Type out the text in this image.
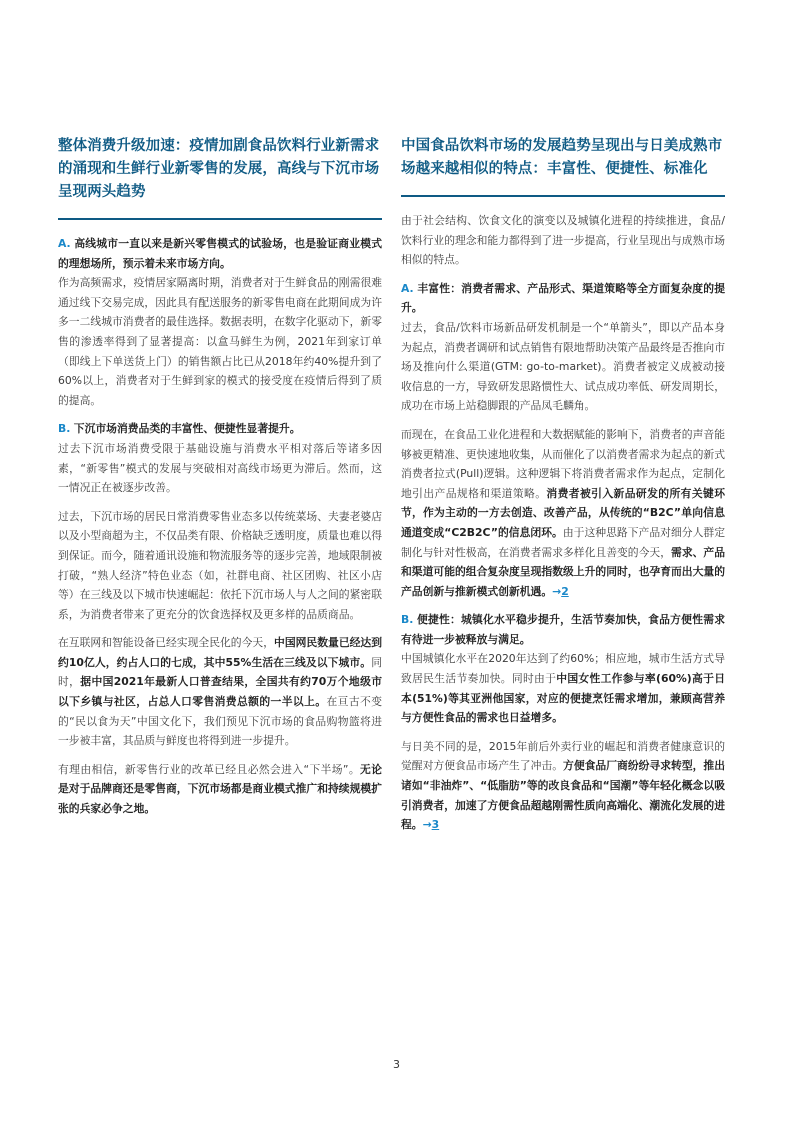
整体消费升级加速：疫情加剧食品饮料行业新需求的涌现和生鲜行业新零售的发展，高线与下沉市场呈现两头趋势

A. 高线城市一直以来是新兴零售模式的试验场，也是验证商业模式的理想场所，预示着未来市场方向。

作为高频需求，疫情居家隔离时期，消费者对于生鲜食品的刚需很难通过线下交易完成，因此具有配送服务的新零售电商在此期间成为许多一二线城市消费者的最佳选择。数据表明，在数字化驱动下，新零售的渗透率得到了显著提高：以盒马鲜生为例，2021年到家订单（即线上下单送货上门）的销售额占比已从2018年约40%提升到了60%以上，消费者对于生鲜到家的模式的接受度在疫情后得到了质的提高。

B. 下沉市场消费品类的丰富性、便捷性显著提升。

过去下沉市场消费受限于基础设施与消费水平相对落后等诸多因素，“新零售”模式的发展与突破相对高线市场更为滞后。然而，这一情况正在被逐步改善。

过去，下沉市场的居民日常消费零售业态多以传统菜场、夫妻老婆店以及小型商超为主，不仅品类有限、价格缺乏透明度，质量也难以得到保证。而今，随着通讯设施和物流服务等的逐步完善，地域限制被打破，“熟人经济”特色业态（如，社群电商、社区团购、社区小店等）在三线及以下城市快速崛起：依托下沉市场人与人之间的紧密联系，为消费者带来了更充分的饮食选择权及更多样的品质商品。

在互联网和智能设备已经实现全民化的今天，中国网民数量已经达到约10亿人，约占人口的七成，其中55%生活在三线及以下城市。同时，据中国2021年最新人口普查结果，全国共有约70万个地级市以下乡镇与社区，占总人口零售消费总额的一半以上。在亘古不变的“民以食为天”中国文化下，我们预见下沉市场的食品购物篮将进一步被丰富，其品质与鲜度也将得到进一步提升。

有理由相信，新零售行业的改革已经且必然会进入“下半场”。无论是对于品牌商还是零售商，下沉市场都是商业模式推广和持续规模扩张的兵家必争之地。

中国食品饮料市场的发展趋势呈现出与日美成熟市场越来越相似的特点：丰富性、便捷性、标准化

由于社会结构、饮食文化的演变以及城镇化进程的持续推进，食品/饮料行业的理念和能力都得到了进一步提高，行业呈现出与成熟市场相似的特点。

A. 丰富性：消费者需求、产品形式、渠道策略等全方面复杂度的提升。

过去，食品/饮料市场新品研发机制是一个“单箭头”，即以产品本身为起点，消费者调研和试点销售有限地帮助决策产品最终是否推向市场及推向什么渠道(GTM: go-to-market)。消费者被定义成被动接收信息的一方，导致研发思路惯性大、试点成功率低、研发周期长，成功在市场上站稳脚跟的产品凤毛麟角。

而现在，在食品工业化进程和大数据赋能的影响下，消费者的声音能够被更精准、更快速地收集，从而催化了以消费者需求为起点的新式消费者拉式(Pull)逻辑。这种逻辑下将消费者需求作为起点，定制化地引出产品规格和渠道策略。消费者被引入新品研发的所有关键环节，作为主动的一方去创造、改善产品，从传统的“B2C”单向信息通道变成“C2B2C”的信息闭环。由于这种思路下产品对细分人群定制化与针对性极高，在消费者需求多样化且善变的今天，需求、产品和渠道可能的组合复杂度呈现指数级上升的同时，也孕育而出大量的产品创新与推新模式创新机遇。→2

B. 便捷性：城镇化水平稳步提升，生活节奏加快，食品方便性需求有待进一步被释放与满足。

中国城镇化水平在2020年达到了约60%；相应地，城市生活方式导致居民生活节奏加快。同时由于中国女性工作参与率(60%)高于日本(51%)等其亚洲他国家，对应的便捷烹饪需求增加，兼顾高营养与方便性食品的需求也日益增多。

与日美不同的是，2015年前后外卖行业的崛起和消费者健康意识的觉醒对方便食品市场产生了冲击。方便食品厂商纷纷寻求转型，推出诸如“非油炸”、“低脂肪”等的改良食品和“国潮”等年轻化概念以吸引消费者，加速了方便食品超越刚需性质向高端化、潮流化发展的进程。→3

3
